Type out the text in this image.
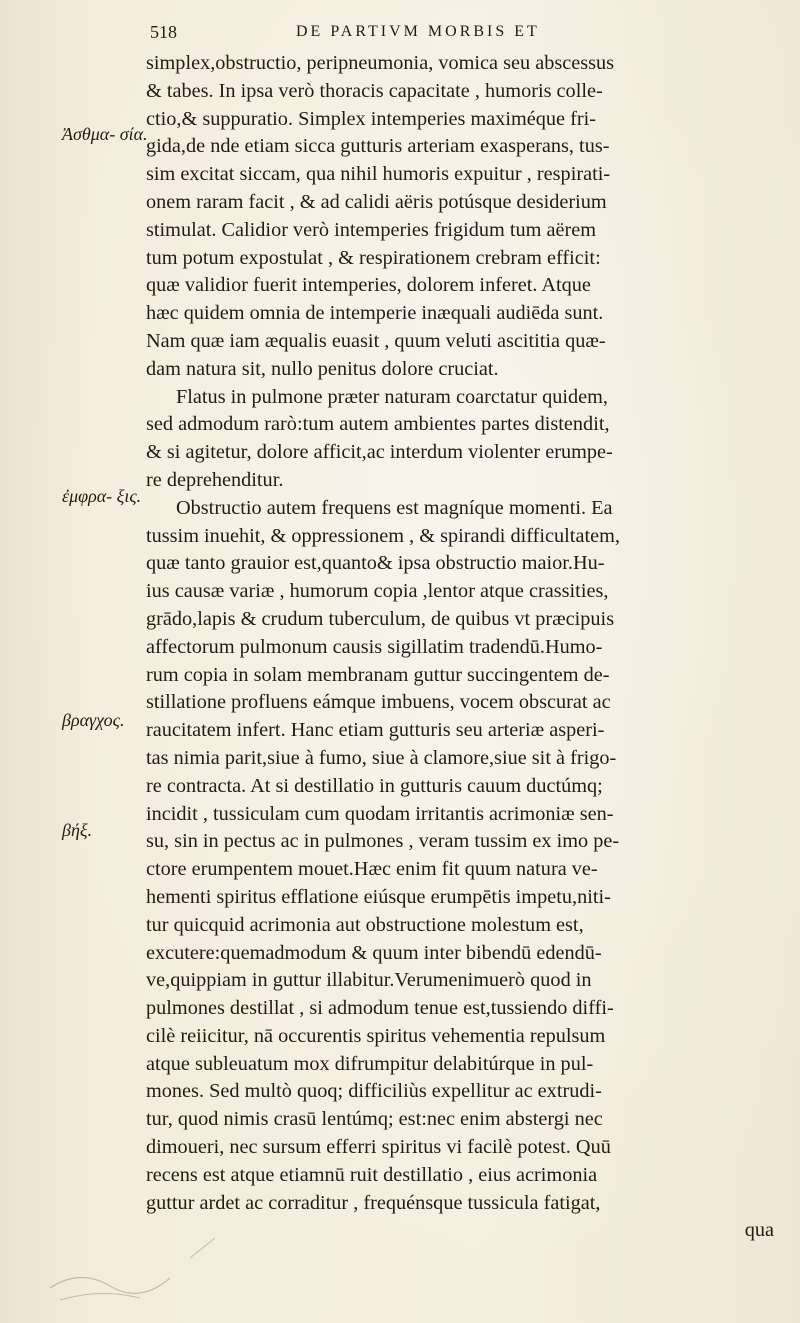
518	DE PARTIVM MORBIS ET
Ἀσθμα- σία.
ἐμφρα- ξις.
βραγχος.
βήξ.
simplex,obstructio, peripneumonia, vomica seu abscessus
& tabes. In ipsa verò thoracis capacitate , humoris colle-
ctio,& suppuratio. Simplex intemperies maximéque fri-
gida,de nde etiam sicca gutturis arteriam exasperans, tus-
sim excitat siccam, qua nihil humoris expuitur , respirati-
onem raram facit , & ad calidi aëris potúsque desiderium
stimulat. Calidior verò intemperies frigidum tum aërem
tum potum expostulat , & respirationem crebram efficit:
quæ validior fuerit intemperies, dolorem inferet. Atque
hæc quidem omnia de intemperie inæquali audiēda sunt.
Nam quæ iam æqualis euasit , quum veluti ascititia quæ-
dam natura sit, nullo penitus dolore cruciat.
Flatus in pulmone præter naturam coarctatur quidem,
sed admodum rarò:tum autem ambientes partes distendit,
& si agitetur, dolore afficit,ac interdum violenter erumpe-
re deprehenditur.
Obstructio autem frequens est magníque momenti. Ea
tussim inuehit, & oppressionem , & spirandi difficultatem,
quæ tanto grauior est,quanto& ipsa obstructio maior.Hu-
ius causæ variæ , humorum copia ,lentor atque crassities,
grādo,lapis & crudum tuberculum, de quibus vt præcipuis
affectorum pulmonum causis sigillatim tradendū.Humo-
rum copia in solam membranam guttur succingentem de-
stillatione profluens eámque imbuens, vocem obscurat ac
raucitatem infert. Hanc etiam gutturis seu arteriæ asperi-
tas nimia parit,siue à fumo, siue à clamore,siue sit à frigo-
re contracta. At si destillatio in gutturis cauum ductúmq;
incidit , tussiculam cum quodam irritantis acrimoniæ sen-
su, sin in pectus ac in pulmones , veram tussim ex imo pe-
ctore erumpentem mouet.Hæc enim fit quum natura ve-
hementi spiritus efflatione eiúsque erumpētis impetu,niti-
tur quicquid acrimonia aut obstructione molestum est,
excutere:quemadmodum & quum inter bibendū edendū-
ve,quippiam in guttur illabitur.Verumenimuerò quod in
pulmones destillat , si admodum tenue est,tussiendo diffi-
cilè reiicitur, nā occurentis spiritus vehementia repulsum
atque subleuatum mox difrumpitur delabitúrque in pul-
mones. Sed multò quoq; difficiliùs expellitur ac extrudi-
tur, quod nimis crasū lentúmq; est:nec enim abstergi nec
dimoueri, nec sursum efferri spiritus vi facilè potest. Quū
recens est atque etiamnū ruit destillatio , eius acrimonia
guttur ardet ac corraditur , frequénsque tussicula fatigat,
qua
